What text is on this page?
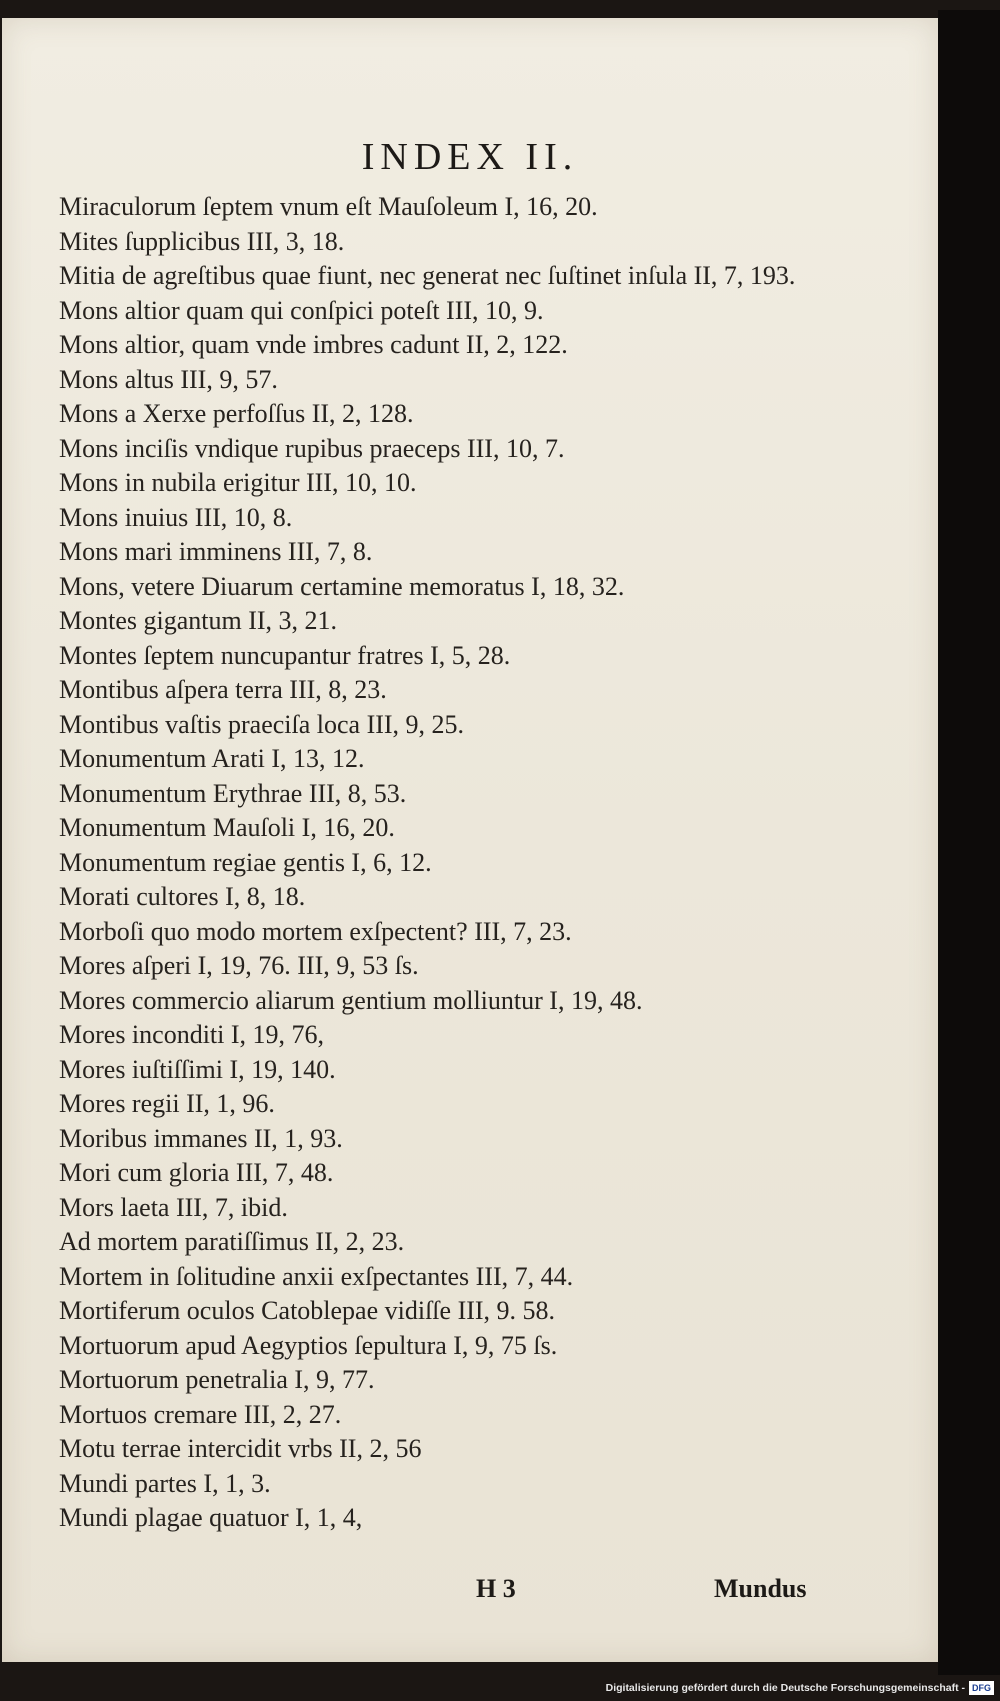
INDEX II.
Miraculorum ſeptem vnum eſt Mauſoleum I, 16, 20.
Mites ſupplicibus III, 3, 18.
Mitia de agreſtibus quae fiunt, nec generat nec ſuſtinet inſula II, 7, 193.
Mons altior quam qui conſpici poteſt III, 10, 9.
Mons altior, quam vnde imbres cadunt II, 2, 122.
Mons altus III, 9, 57.
Mons a Xerxe perfoſſus II, 2, 128.
Mons inciſis vndique rupibus praeceps III, 10, 7.
Mons in nubila erigitur III, 10, 10.
Mons inuius III, 10, 8.
Mons mari imminens III, 7, 8.
Mons, vetere Diuarum certamine memoratus I, 18, 32.
Montes gigantum II, 3, 21.
Montes ſeptem nuncupantur fratres I, 5, 28.
Montibus aſpera terra III, 8, 23.
Montibus vaſtis praeciſa loca III, 9, 25.
Monumentum Arati I, 13, 12.
Monumentum Erythrae III, 8, 53.
Monumentum Mauſoli I, 16, 20.
Monumentum regiae gentis I, 6, 12.
Morati cultores I, 8, 18.
Morboſi quo modo mortem exſpectent? III, 7, 23.
Mores aſperi I, 19, 76. III, 9, 53 ſs.
Mores commercio aliarum gentium molliuntur I, 19, 48.
Mores inconditi I, 19, 76,
Mores iuſtiſſimi I, 19, 140.
Mores regii II, 1, 96.
Moribus immanes II, 1, 93.
Mori cum gloria III, 7, 48.
Mors laeta III, 7, ibid.
Ad mortem paratiſſimus II, 2, 23.
Mortem in ſolitudine anxii exſpectantes III, 7, 44.
Mortiferum oculos Catoblepae vidiſſe III, 9. 58.
Mortuorum apud Aegyptios ſepultura I, 9, 75 ſs.
Mortuorum penetralia I, 9, 77.
Mortuos cremare III, 2, 27.
Motu terrae intercidit vrbs II, 2, 56
Mundi partes I, 1, 3.
Mundi plagae quatuor I, 1, 4,
H 3	Mundus
Digitalisierung gefördert durch die Deutsche Forschungsgemeinschaft - DFG
